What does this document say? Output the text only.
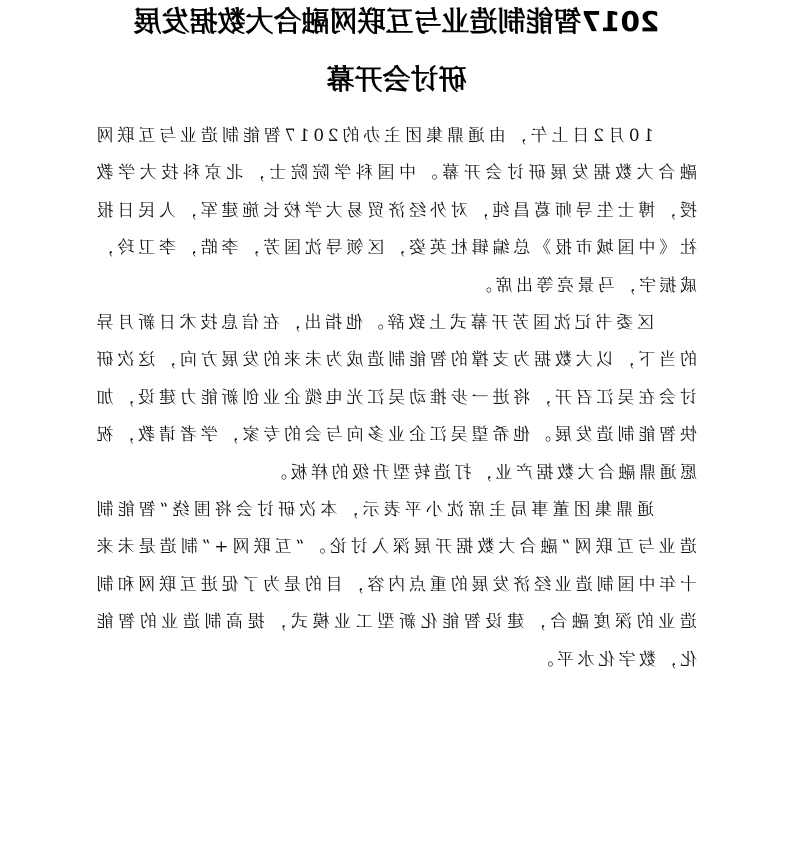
2017智能制造业与互联网融合大数据发展
研讨会开幕

10月2日上午，由通鼎集团主办的2017智能制造业与互联网融合大数据发展研讨会开幕。中国科学院院士，北京科技大学教授，博士生导师葛昌纯，对外经济贸易大学校长施建军，人民日报社《中国城市报》总编辑杜英姿，区领导沈国芳，李皓，李卫玲，戚振宇，马景亮等出席。

区委书记沈国芳开幕式上致辞。他指出，在信息技术日新月异的当下，以大数据为支撑的智能制造成为未来的发展方向，这次研讨会在吴江召开，将进一步推动吴江光电缆企业创新能力建设，加快智能制造发展。他希望吴江企业多向与会的专家，学者请教，祝愿通鼎融合大数据产业，打造转型升级的样板。

通鼎集团董事局主席沈小平表示，本次研讨会将围绕“智能制造业与互联网”融合大数据开展深入讨论。“互联网+”制造是未来十年中国制造业经济发展的重点内容，目的是为了促进互联网和制造业的深度融合，建设智能化新型工业模式，提高制造业的智能化，数字化水平。
